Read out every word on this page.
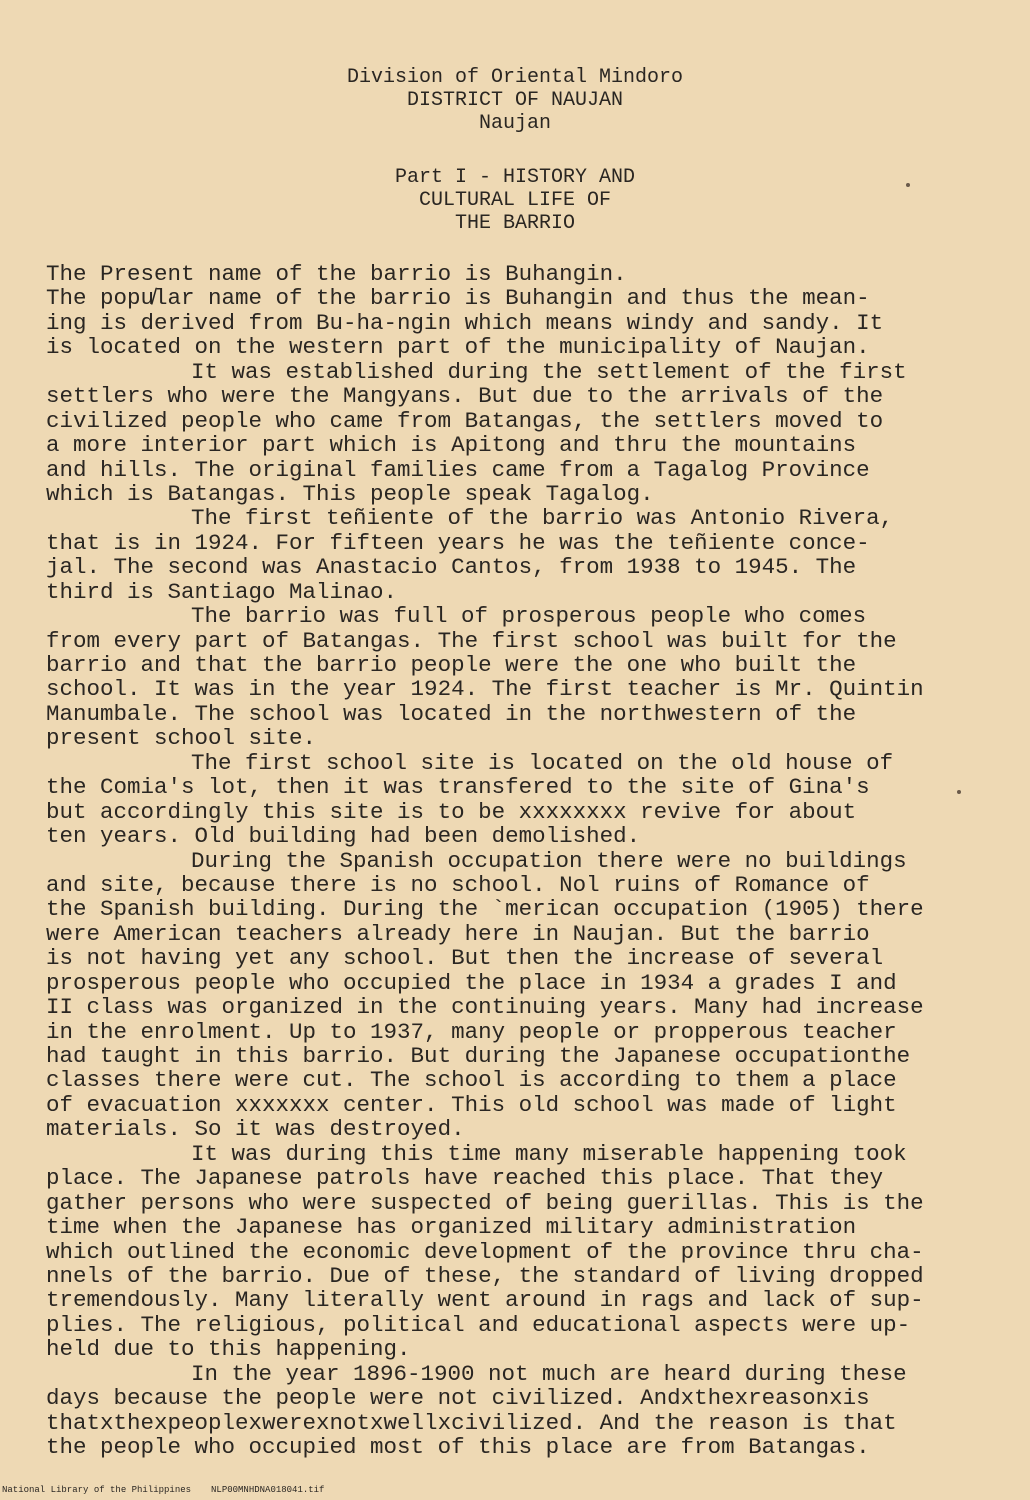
Division of Oriental Mindoro
DISTRICT OF NAUJAN
Naujan
Part I - HISTORY AND
CULTURAL LIFE OF
THE BARRIO
The Present name of the barrio is Buhangin.
The popu̸lar name of the barrio is Buhangin and thus the mean-
ing is derived from Bu-ha-ngin which means windy and sandy. It
is located on the western part of the municipality of Naujan.
It was established during the settlement of the first
settlers who were the Mangyans. But due to the arrivals of the
civilized people who came from Batangas, the settlers moved to
a more interior part which is Apitong and thru the mountains
and hills. The original families came from a Tagalog Province
which is Batangas. This people speak Tagalog.
The first teñiente of the barrio was Antonio Rivera,
that is in 1924. For fifteen years he was the teñiente conce-
jal. The second was Anastacio Cantos, from 1938 to 1945. The
third is Santiago Malinao.
The barrio was full of prosperous people who comes
from every part of Batangas. The first school was built for the
barrio and that the barrio people were the one who built the
school. It was in the year 1924. The first teacher is Mr. Quintin
Manumbale. The school was located in the northwestern of the
present school site.
The first school site is located on the old house of
the Comia's lot, then it was transfered to the site of Gina's
but accordingly this site is to be xxxxxxxx revive for about
ten years. Old building had been demolished.
During the Spanish occupation there were no buildings
and site, because there is no school. Nol ruins of Romance of
the Spanish building. During the `merican occupation (1905) there
were American teachers already here in Naujan. But the barrio
is not having yet any school. But then the increase of several
prosperous people who occupied the place in 1934 a grades I and
II class was organized in the continuing years. Many had increase
in the enrolment. Up to 1937, many people or propperous teacher
had taught in this barrio. But during the Japanese occupationthe
classes there were cut. The school is according to them a place
of evacuation xxxxxxx center. This old school was made of light
materials. So it was destroyed.
It was during this time many miserable happening took
place. The Japanese patrols have reached this place. That they
gather persons who were suspected of being guerillas. This is the
time when the Japanese has organized military administration
which outlined the economic development of the province thru cha-
nnels of the barrio. Due of these, the standard of living dropped
tremendously. Many literally went around in rags and lack of sup-
plies. The religious, political and educational aspects were up-
held due to this happening.
In the year 1896-1900 not much are heard during these
days because the people were not civilized. Andxthexreasonxis
thatxthexpeoplexwerexnotxwellxcivilized. And the reason is that
the people who occupied most of this place are from Batangas.
National Library of the Philippines NLP00MNHDNA018041.tif
